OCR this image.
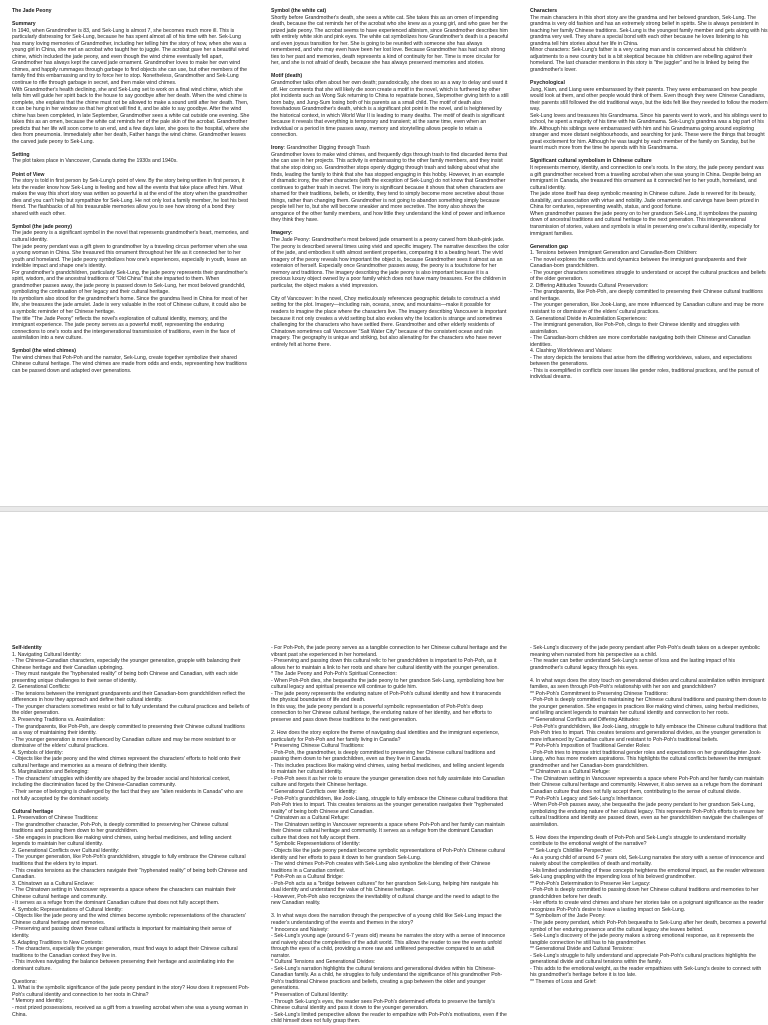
The Jade Peony
Summary
In 1940, when Grandmother is 83, and Sek-Lung is almost 7, she becomes much more ill. This is particularly distressing for Sek-Lung, because he has spent almost all of his time with her. Sek-Lung has many loving memories of Grandmother, including her telling him the story of how, when she was a young girl in China, she met an acrobat who taught her to juggle. The acrobat gave her a beautiful wind chime, which included the jade peony, and even though the wind chime eventually fell apart, Grandmother has always kept the carved jade ornament. Grandmother loves to make her own wind chimes, and happily rummages through garbage to find objects she can use, but other members of the family find this embarrassing and try to force her to stop. Nonetheless, Grandmother and Sek-Lung continue to rifle through garbage in secret, and then make wind chimes.
With Grandmother's health declining, she and Sek-Lung set to work on a final wind chime, which she tells him will guide her spirit back to the house to say goodbye after her death. When the wind chime is complete, she explains that the chime must not be allowed to make a sound until after her death. Then, it can be hung in her window so that her ghost will find it, and be able to say goodbye. After the wind chime has been completed, in late September, Grandmother sees a white cat outside one evening. She takes this as an omen, because the white cat reminds her of the pale skin of the acrobat. Grandmother predicts that her life will soon come to an end, and a few days later, she goes to the hospital, where she dies from pneumonia. Immediately after her death, Father hangs the wind chime. Grandmother leaves the carved jade peony to Sek-Lung.
Setting
The plot takes place in Vancouver, Canada during the 1930s and 1940s.
Point of View
The story is told in first person by Sek-Lung's point of view. By the story being written in first person, it lets the reader know how Sek-Lung is feeling and how all the events that take place affect him. What makes the way this short story was written so powerful is at the end of the story when the grandmother dies and you can't help but sympathize for Sek-Lung. He not only lost a family member, he lost his best friend. The flashbacks of all his treasurable memories allow you to see how strong of a bond they shared with each other.
Symbol (the jade peony)
The jade peony is a significant symbol in the novel that represents grandmother's heart, memories, and cultural identity.
The jade peony pendant was a gift given to grandmother by a traveling circus performer when she was a young woman in China. She treasured this ornament throughout her life as it connected her to her youth and homeland. The jade peony symbolizes how one's experiences, especially in youth, leave an indelible impact and shape one's identity.
For grandmother's grandchildren, particularly Sek-Lung, the jade peony represents their grandmother's spirit, wisdom, and the ancestral traditions of "Old China" that she imparted to them. When grandmother passes away, the jade peony is passed down to Sek-Lung, her most beloved grandchild, symbolizing the continuation of her legacy and their cultural heritage.
Its symbolism also stood for the grandmother's home. Since the grandma lived in China for most of her life, she treasures the jade amulet. Jade is very valuable in the root of Chinese culture, it could also be a symbolic reminder of her Chinese heritage.
The title "The Jade Peony" reflects the novel's exploration of cultural identity, memory, and the immigrant experience. The jade peony serves as a powerful motif, representing the enduring connections to one's roots and the intergenerational transmission of traditions, even in the face of assimilation into a new culture.
Symbol (the wind chimes)
The wind chimes that Poh-Poh and the narrator, Sek-Lung, create together symbolize their shared Chinese cultural heritage. The wind chimes are made from odds and ends, representing how traditions can be passed down and adapted over generations.
Symbol (the white cat)
Shortly before Grandmother's death, she sees a white cat. She takes this as an omen of impending death, because the cat reminds her of the acrobat who she knew as a young girl, and who gave her the prized jade peony. The acrobat seems to have experienced albinism, since Grandmother describes him with entirely white skin and pink eyes. The white cat symbolizes how Grandmother's death is a peaceful and even joyous transition for her. She is going to be reunited with someone she has always remembered, and who may even have been her lost love. Because Grandmother has had such strong ties to her past and memories, death represents a kind of continuity for her. Time is more circular for her, and she is not afraid of death, because she has always preserved memories and stories.
Motif (death)
Grandmother talks often about her own death; paradoxically, she does so as a way to delay and ward it off. Her comments that she will likely die soon create a motif in the novel, which is furthered by other plot incidents such as Wong Suk returning to China to repatriate bones, Stepmother giving birth to a still born baby, and Jung-Sum losing both of his parents as a small child. The motif of death also foreshadows Grandmother's death, which is a significant plot point in the novel, and is heightened by the historical context, in which World War II is leading to many deaths. The motif of death is significant because it reveals that everything is temporary and transient; at the same time, even when an individual or a period in time passes away, memory and storytelling allows people to retain a connection.
Irony: Grandmother Digging through Trash
Grandmother loves to make wind chimes, and frequently digs through trash to find discarded items that she can use in her projects. This activity is embarrassing to the other family members, and they insist that she stop doing so. Grandmother stops openly digging through trash and talking about what she finds, leading the family to think that she has stopped engaging in this hobby. However, in an example of dramatic irony, the other characters (with the exception of Sek-Lung) do not know that Grandmother continues to gather trash in secret. The irony is significant because it shows that when characters are shamed for their traditions, beliefs, or identity, they tend to simply become more secretive about those things, rather than changing them. Grandmother is not going to abandon something simply because people tell her to, but she will become sneakier and more secretive. The irony also shows the arrogance of the other family members, and how little they understand the kind of power and influence they think they have.
Imagery:
The Jade Peony: Grandmother's most beloved jade ornament is a peony carved from blush-pink jade. The peony is described several times using vivid and specific imagery. The narrative describes the color of the jade, and embodies it with almost sentient properties, comparing it to a beating heart. The vivid imagery of the peony reveals how important the object is, because Grandmother sees it almost as an extension of herself. Especially once Grandmother passes away, the peony is a touchstone for her memory and traditions. The imagery describing the jade peony is also important because it is a precious luxury object owned by a poor family which does not have many treasures. For the children in particular, the object makes a vivid impression.

City of Vancouver: In the novel, Choy meticulously references geographic details to construct a vivid setting for the plot. Imagery—including rain, oceans, snow, and mountains—make it possible for readers to imagine the place where the characters live. The imagery describing Vancouver is important because it not only creates a vivid setting but also evokes why the location is strange and sometimes challenging for the characters who have settled there. Grandmother and other elderly residents of Chinatown sometimes call Vancouver "Salt Water City" because of the consistent ocean and rain imagery. The geography is unique and striking, but also alienating for the characters who have never entirely felt at home there.
Characters
The main characters in this short story are the grandma and her beloved grandson, Sek-Lung. The grandma is very old fashion and has an extremely strong belief in spirits. She is always persistent in teaching her family Chinese traditions. Sek-Lung is the youngest family member and gets along with his grandma very well. They share a special bond with each other because he loves listening to his grandma tell him stories about her life in China.
Minor characters: Sek-Lung's father is a very caring man and is concerned about his children's adjustments to a new country but is a bit skeptical because his children are rebelling against their homeland. The last character mentions in this story is "the juggler" and he is linked by being the grandmother's lover.
Psychological
Jung, Kiam, and Liang were embarrassed by their parents. They were embarrassed on how people would look at them, and other people would think of them. Even though they were Chinese Canadians, their parents still followed the old traditional ways, but the kids felt like they needed to follow the modern way.
Sek-Lung loves and treasures his Grandmama. Since his parents went to work, and his siblings went to school, he spent a majority of his time with his Grandmama. Sek-Lung's grandma was a big part of his life. Although his siblings were embarrassed with him and his Grandmama going around exploring stranger and more distant neighbourhoods, and searching for junk. These were the things that brought great excitement for him. Although he was taught by each member of the family on Sunday, but he learnt much more from the time he spends with his Grandmama.
Significant cultural symbolism in Chinese culture
It represents memory, identity, and connection to one's roots. In the story, the jade peony pendant was a gift grandmother received from a traveling acrobat when she was young in China. Despite being an immigrant in Canada, she treasured this ornament as it connected her to her youth, homeland, and cultural identity.
The jade stone itself has deep symbolic meaning in Chinese culture. Jade is revered for its beauty, durability, and association with virtue and nobility. Jade ornaments and carvings have been prized in China for centuries, representing wealth, status, and good fortune.
When grandmother passes the jade peony on to her grandson Sek-Lung, it symbolizes the passing down of ancestral traditions and cultural heritage to the next generation. This intergenerational transmission of stories, values and symbols is vital in preserving one's cultural identity, especially for immigrant families.
Generation gap
1. Tensions between Immigrant Generation and Canadian-Born Children:
- The novel explores the conflicts and dynamics between the immigrant grandparents and their Canadian-born grandchildren.
- The younger characters sometimes struggle to understand or accept the cultural practices and beliefs of the older generation.
2. Differing Attitudes Towards Cultural Preservation:
- The grandparents, like Poh-Poh, are deeply committed to preserving their Chinese cultural traditions and heritage.
- The younger generation, like Jook-Liang, are more influenced by Canadian culture and may be more resistant to or dismissive of the elders' cultural practices.
3. Generational Divide in Assimilation Experiences:
- The immigrant generation, like Poh-Poh, clings to their Chinese identity and struggles with assimilation.
- The Canadian-born children are more comfortable navigating both their Chinese and Canadian identities.
4. Clashing Worldviews and Values:
- The story depicts the tensions that arise from the differing worldviews, values, and expectations between the generations.
- This is exemplified in conflicts over issues like gender roles, traditional practices, and the pursuit of individual dreams.
Self-identity
1. Navigating Cultural Identity:
- The Chinese-Canadian characters, especially the younger generation, grapple with balancing their Chinese heritage and their Canadian upbringing.
- They must navigate the "hyphenated reality" of being both Chinese and Canadian, with each side presenting unique challenges to their sense of identity.
2. Generational Conflicts:
- The tensions between the immigrant grandparents and their Canadian-born grandchildren reflect the differences in how they approach and define their cultural identity.
- The younger characters sometimes resist or fail to fully understand the cultural practices and beliefs of the older generation.
3. Preserving Traditions vs. Assimilation:
- The grandparents, like Poh-Poh, are deeply committed to preserving their Chinese cultural traditions as a way of maintaining their identity.
- The younger generation is more influenced by Canadian culture and may be more resistant to or dismissive of the elders' cultural practices.
4. Symbols of Identity:
- Objects like the jade peony and the wind chimes represent the characters' efforts to hold onto their cultural heritage and memories as a means of defining their identity.
5. Marginalization and Belonging:
- The characters' struggles with identity are shaped by the broader social and historical context, including the discrimination faced by the Chinese-Canadian community.
- Their sense of belonging is challenged by the fact that they are "alien residents in Canada" who are not fully accepted by the dominant society.
Cultural heritage
1. Preservation of Chinese Traditions:
- The grandmother character, Poh-Poh, is deeply committed to preserving her Chinese cultural traditions and passing them down to her grandchildren.
- She engages in practices like making wind chimes, using herbal medicines, and telling ancient legends to maintain her cultural identity.
2. Generational Conflicts over Cultural Identity:
- The younger generation, like Poh-Poh's grandchildren, struggle to fully embrace the Chinese cultural traditions that the elders try to impart.
- This creates tensions as the characters navigate their "hyphenated reality" of being both Chinese and Canadian.
3. Chinatown as a Cultural Enclave:
- The Chinatown setting in Vancouver represents a space where the characters can maintain their Chinese cultural heritage and community.
- It serves as a refuge from the dominant Canadian culture that does not fully accept them.
4. Symbolic Representations of Cultural Identity:
- Objects like the jade peony and the wind chimes become symbolic representations of the characters' Chinese cultural heritage and memories.
- Preserving and passing down these cultural artifacts is important for maintaining their sense of identity.
5. Adapting Traditions to New Contexts:
- The characters, especially the younger generation, must find ways to adapt their Chinese cultural traditions to the Canadian context they live in.
- This involves navigating the balance between preserving their heritage and assimilating into the dominant culture.
Questions:
1. What is the symbolic significance of the jade peony pendant in the story? How does it represent Poh-Poh's cultural identity and connection to her roots in China?
* Memory and Identity:
- most prized possessions, received as a gift from a traveling acrobat when she was a young woman in China.
- For Poh-Poh, the jade peony serves as a tangible connection to her Chinese cultural heritage and the vibrant past she experienced in her homeland.
- Preserving and passing down this cultural relic to her grandchildren is important to Poh-Poh, as it allows her to maintain a link to her roots and share her cultural identity with the younger generation.
* The Jade Peony and Poh-Poh's Spiritual Connection:
- When Poh-Poh dies, she bequeaths the jade peony to her grandson Sek-Lung, symbolizing how her cultural legacy and spiritual presence will continue to guide him.
- The jade peony represents the enduring nature of Poh-Poh's cultural identity and how it transcends the physical boundaries of life and death.
In this way, the jade peony pendant is a powerful symbolic representation of Poh-Poh's deep connection to her Chinese cultural heritage, the enduring nature of her identity, and her efforts to preserve and pass down these traditions to the next generation.

2. How does the story explore the theme of navigating dual identities and the immigrant experience, particularly for Poh-Poh and her family living in Canada?
* Preserving Chinese Cultural Traditions:
- Poh-Poh, the grandmother, is deeply committed to preserving her Chinese cultural traditions and passing them down to her grandchildren, even as they live in Canada.
- This includes practices like making wind chimes, using herbal medicines, and telling ancient legends to maintain her cultural identity.
- Poh-Poh sees it as her role to ensure the younger generation does not fully assimilate into Canadian culture and forgets their Chinese heritage.
* Generational Conflicts over Identity:
- Poh-Poh's grandchildren, like Jook-Liang, struggle to fully embrace the Chinese cultural traditions that Poh-Poh tries to impart. This creates tensions as the younger generation navigates their "hyphenated reality" of being both Chinese and Canadian.
* Chinatown as a Cultural Refuge:
- The Chinatown setting in Vancouver represents a space where Poh-Poh and her family can maintain their Chinese cultural heritage and community. It serves as a refuge from the dominant Canadian culture that does not fully accept them.
* Symbolic Representations of Identity:
- Objects like the jade peony pendant become symbolic representations of Poh-Poh's Chinese cultural identity and her efforts to pass it down to her grandson Sek-Lung.
- The wind chimes Poh-Poh creates with Sek-Lung also symbolize the blending of their Chinese traditions in a Canadian context.
* Poh-Poh as a Cultural Bridge:
- Poh-Poh acts as a "bridge between cultures" for her grandson Sek-Lung, helping him navigate his dual identity and understand the value of his Chinese heritage.
- However, Poh-Poh also recognizes the inevitability of cultural change and the need to adapt to the new Canadian reality.

3. In what ways does the narration through the perspective of a young child like Sek-Lung impact the reader's understanding of the events and themes in the story?
* Innocence and Naivety:
- Sek-Lung's young age (around 6-7 years old) means he narrates the story with a sense of innocence and naivety about the complexities of the adult world. This allows the reader to see the events unfold through the eyes of a child, providing a more raw and unfiltered perspective compared to an adult narrator.
* Cultural Tensions and Generational Divides:
- Sek-Lung's narration highlights the cultural tensions and generational divides within his Chinese-Canadian family. As a child, he struggles to fully understand the significance of his grandmother Poh-Poh's traditional Chinese practices and beliefs, creating a gap between the older and younger generations.
* Preservation of Cultural Identity:
- Through Sek-Lung's eyes, the reader sees Poh-Poh's determined efforts to preserve the family's Chinese cultural identity and pass it down to the younger generation.
- Sek-Lung's limited perspective allows the reader to empathize with Poh-Poh's motivations, even if the child himself does not fully grasp them.
- Sek-Lung's discovery of the jade peony pendant after Poh-Poh's death takes on a deeper symbolic meaning when narrated from his perspective as a child.
- The reader can better understand Sek-Lung's sense of loss and the lasting impact of his grandmother's cultural legacy through his eyes.

4. In what ways does the story touch on generational divides and cultural assimilation within immigrant families, as seen through Poh-Poh's relationship with her son and grandchildren?
** Poh-Poh's Commitment to Preserving Chinese Traditions:
- Poh-Poh is deeply committed to maintaining her Chinese cultural traditions and passing them down to the younger generation. She engages in practices like making wind chimes, using herbal medicines, and telling ancient legends to maintain her cultural identity and connection to her roots.
** Generational Conflicts and Differing Attitudes:
- Poh-Poh's grandchildren, like Jook-Liang, struggle to fully embrace the Chinese cultural traditions that Poh-Poh tries to impart. This creates tensions and generational divides, as the younger generation is more influenced by Canadian culture and resistant to Poh-Poh's traditional beliefs.
** Poh-Poh's Imposition of Traditional Gender Roles:
- Poh-Poh tries to impose strict traditional gender roles and expectations on her granddaughter Jook-Liang, who has more modern aspirations. This highlights the cultural conflicts between the immigrant grandmother and her Canadian-born grandchildren.
** Chinatown as a Cultural Refuge:
- The Chinatown setting in Vancouver represents a space where Poh-Poh and her family can maintain their Chinese cultural heritage and community. However, it also serves as a refuge from the dominant Canadian culture that does not fully accept them, contributing to the sense of cultural divide.
** Poh-Poh's Legacy and Sek-Lung's Inheritance:
- When Poh-Poh passes away, she bequeaths the jade peony pendant to her grandson Sek-Lung, symbolizing the enduring nature of her cultural legacy. This represents Poh-Poh's efforts to ensure her cultural traditions and identity are passed down, even as her grandchildren navigate the challenges of assimilation.

5. How does the impending death of Poh-Poh and Sek-Lung's struggle to understand mortality contribute to the emotional weight of the narrative?
** Sek-Lung's Childlike Perspective:
- As a young child of around 6-7 years old, Sek-Lung narrates the story with a sense of innocence and naivety about the complexities of death and mortality.
- His limited understanding of these concepts heightens the emotional impact, as the reader witnesses Sek-Lung grappling with the impending loss of his beloved grandmother.
** Poh-Poh's Determination to Preserve Her Legacy:
- Poh-Poh is deeply committed to passing down her Chinese cultural traditions and memories to her grandchildren before her death.
- Her efforts to create wind chimes and share her stories take on a poignant significance as the reader recognizes Poh-Poh's desire to leave a lasting impact on Sek-Lung.
** Symbolism of the Jade Peony:
- The jade peony pendant, which Poh-Poh bequeaths to Sek-Lung after her death, becomes a powerful symbol of her enduring presence and the cultural legacy she leaves behind.
- Sek-Lung's discovery of the jade peony makes a strong emotional response, as it represents the tangible connection he still has to his grandmother.
** Generational Divide and Cultural Tensions:
- Sek-Lung's struggle to fully understand and appreciate Poh-Poh's cultural practices highlights the generational divide and cultural tensions within the family.
- This adds to the emotional weight, as the reader empathizes with Sek-Lung's desire to connect with his grandmother's heritage before it is too late.
** Themes of Loss and Grief:
